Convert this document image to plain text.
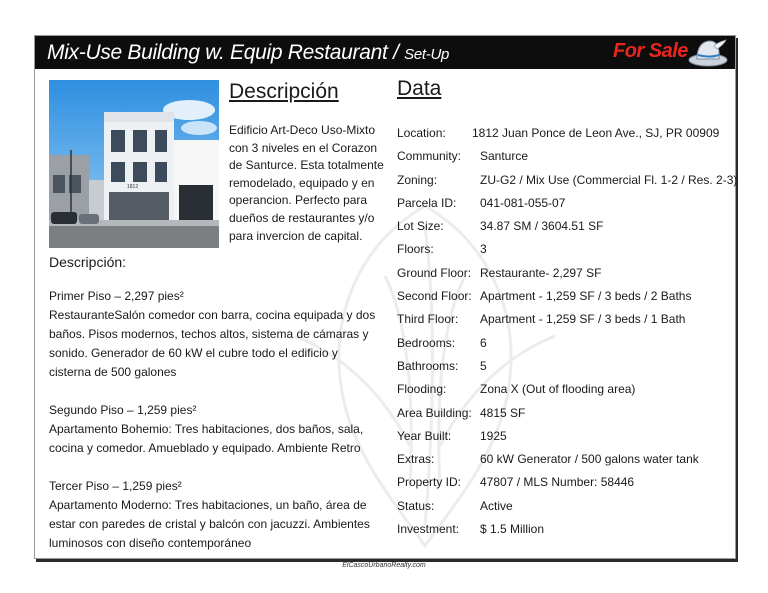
Mix-Use Building w. Equip Restaurant / Set-Up	For Sale
1812
Descripción
Edificio Art-Deco Uso-Mixto con 3 niveles en el Corazon de Santurce. Esta totalmente remodelado, equipado y en operancion. Perfecto para dueños de restaurantes y/o para invercion de capital.
Descripción:

Primer Piso – 2,297 pies²

RestauranteSalón comedor con barra, cocina equipada y dos baños. Pisos modernos, techos altos, sistema de cámaras y sonido. Generador de 60 kW el cubre todo el edificio y cisterna de 500 galones

Segundo Piso – 1,259 pies²

Apartamento Bohemio: Tres habitaciones, dos baños, sala, cocina y comedor. Amueblado y equipado. Ambiente Retro

Tercer Piso – 1,259 pies²

Apartamento Moderno: Tres habitaciones, un baño, área de estar con paredes de cristal y balcón con jacuzzi. Ambientes luminosos con diseño contemporáneo

Data
Location: 1812 Juan Ponce de Leon Ave., SJ, PR 00909
Community: Santurce
Zoning:	ZU-G2 / Mix Use (Commercial Fl. 1-2 / Res. 2-3)
Parcela ID: 041-081-055-07
Lot Size:	34.87 SM / 3604.51 SF
Floors:	3
Ground Floor: Restaurante- 2,297 SF
Second Floor: Apartment - 1,259 SF / 3 beds / 2 Baths
Third Floor: Apartment - 1,259 SF / 3 beds / 1 Bath
Bedrooms: 6
Bathrooms: 5
Flooding:	Zona X (Out of flooding area)
Area Building: 4815 SF
Year Built: 1925
Extras:	60 kW Generator / 500 galons water tank
Property ID: 47807 / MLS Number: 58446
Status:	Active
Investment: $ 1.5 Million
ElCascoUrbanoRealty.com
